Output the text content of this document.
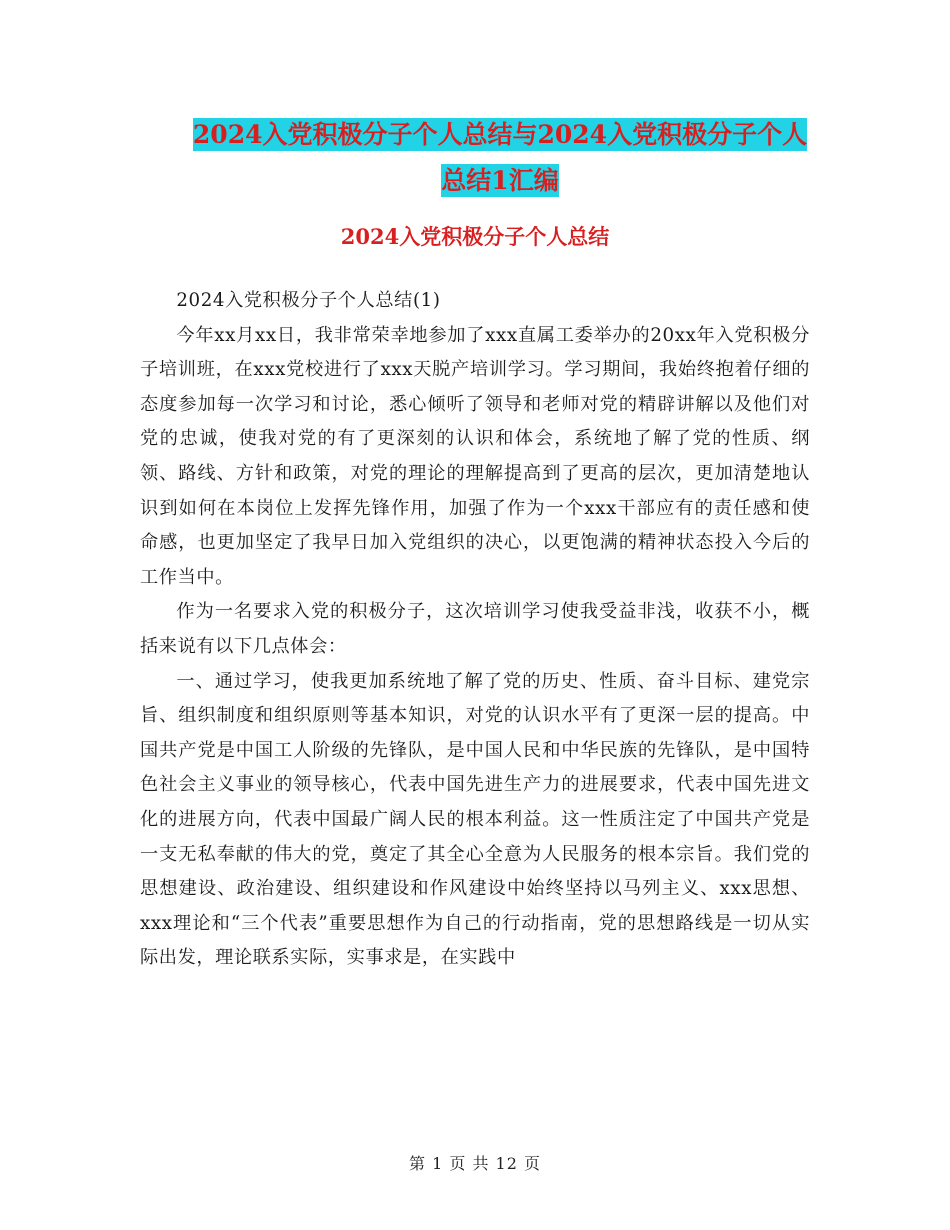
2024入党积极分子个人总结与2024入党积极分子个人
总结1汇编
2024入党积极分子个人总结

2024入党积极分子个人总结(1)

今年xx月xx日，我非常荣幸地参加了xxx直属工委举办的20xx年入党积极分子培训班，在xxx党校进行了xxx天脱产培训学习。学习期间，我始终抱着仔细的态度参加每一次学习和讨论，悉心倾听了领导和老师对党的精辟讲解以及他们对党的忠诚，使我对党的有了更深刻的认识和体会，系统地了解了党的性质、纲领、路线、方针和政策，对党的理论的理解提高到了更高的层次，更加清楚地认识到如何在本岗位上发挥先锋作用，加强了作为一个xxx干部应有的责任感和使命感，也更加坚定了我早日加入党组织的决心，以更饱满的精神状态投入今后的工作当中。

作为一名要求入党的积极分子，这次培训学习使我受益非浅，收获不小，概括来说有以下几点体会：

一、通过学习，使我更加系统地了解了党的历史、性质、奋斗目标、建党宗旨、组织制度和组织原则等基本知识，对党的认识水平有了更深一层的提高。中国共产党是中国工人阶级的先锋队，是中国人民和中华民族的先锋队，是中国特色社会主义事业的领导核心，代表中国先进生产力的进展要求，代表中国先进文化的进展方向，代表中国最广阔人民的根本利益。这一性质注定了中国共产党是一支无私奉献的伟大的党，奠定了其全心全意为人民服务的根本宗旨。我们党的思想建设、政治建设、组织建设和作风建设中始终坚持以马列主义、xxx思想、xxx理论和“三个代表”重要思想作为自己的行动指南，党的思想路线是一切从实际出发，理论联系实际，实事求是，在实践中

第 1 页 共 12 页
